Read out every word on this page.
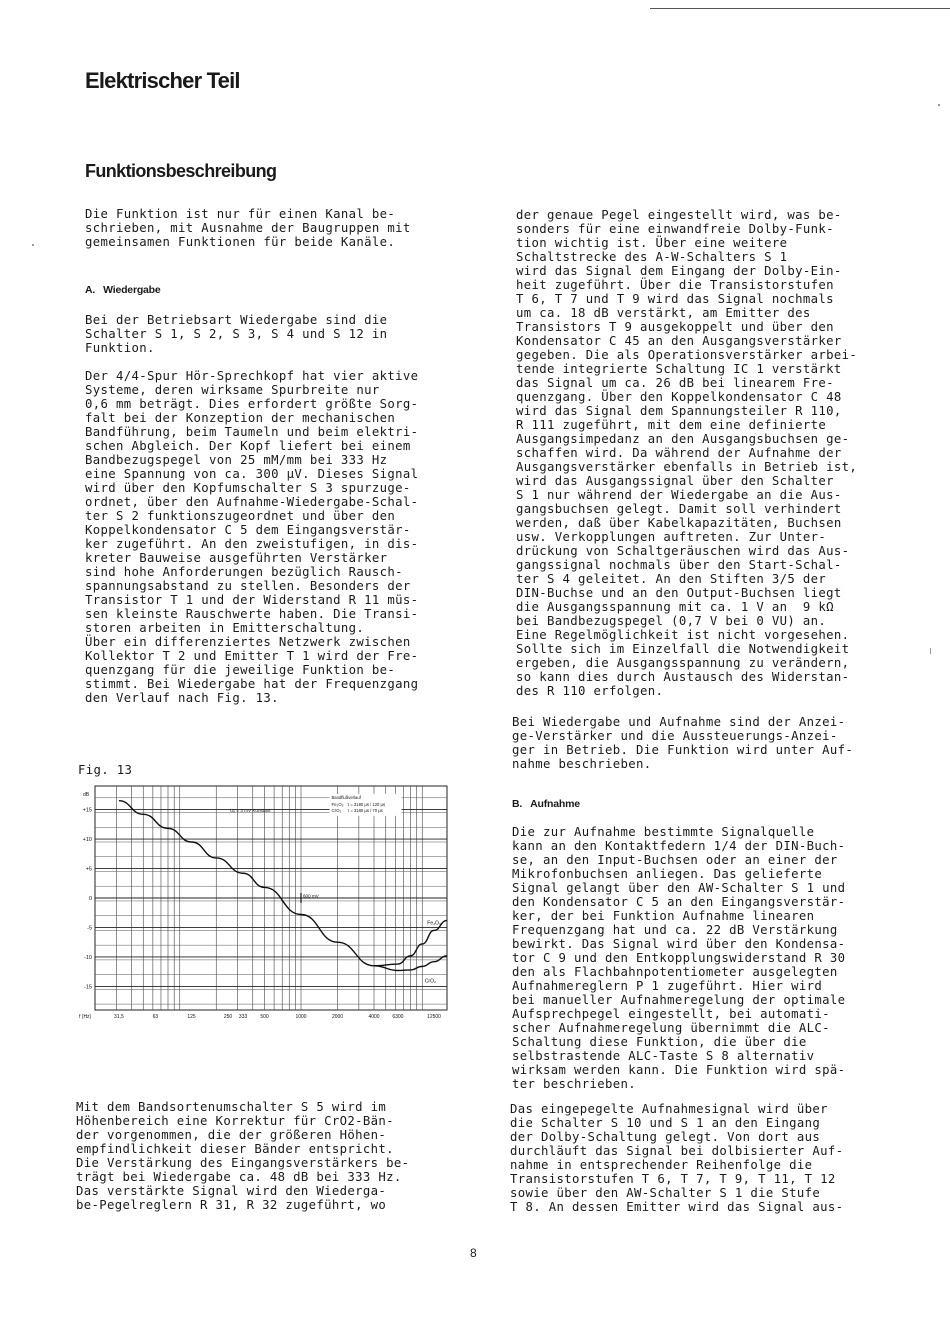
Elektrischer Teil
Funktionsbeschreibung

Die Funktion ist nur für einen Kanal be-

schrieben, mit Ausnahme der Baugruppen mit

gemeinsamen Funktionen für beide Kanäle.

A. Wiedergabe

Bei der Betriebsart Wiedergabe sind die

Schalter S 1, S 2, S 3, S 4 und S 12 in

Funktion.

Der 4/4-Spur Hör-Sprechkopf hat vier aktive

Systeme, deren wirksame Spurbreite nur

0,6 mm beträgt. Dies erfordert größte Sorg-

falt bei der Konzeption der mechanischen

Bandführung, beim Taumeln und beim elektri-

schen Abgleich. Der Kopf liefert bei einem

Bandbezugspegel von 25 mM/mm bei 333 Hz

eine Spannung von ca. 300 µV. Dieses Signal

wird über den Kopfumschalter S 3 spurzuge-

ordnet, über den Aufnahme-Wiedergabe-Schal-

ter S 2 funktionszugeordnet und über den

Koppelkondensator C 5 dem Eingangsverstär-

ker zugeführt. An den zweistufigen, in dis-

kreter Bauweise ausgeführten Verstärker

sind hohe Anforderungen bezüglich Rausch-

spannungsabstand zu stellen. Besonders der

Transistor T 1 und der Widerstand R 11 müs-

sen kleinste Rauschwerte haben. Die Transi-

storen arbeiten in Emitterschaltung.

Über ein differenziertes Netzwerk zwischen

Kollektor T 2 und Emitter T 1 wird der Fre-

quenzgang für die jeweilige Funktion be-

stimmt. Bei Wiedergabe hat der Frequenzgang

den Verlauf nach Fig. 13.

Fig. 13

dB
+15
+10
+5
0
-5
-10
-15
f (Hz)	31,5	63	125	250 333	500	1000	2000	4000	6300	12500
Uₑ = 3 mV Konstant
Bandflußverlauf
Fe₂O₃ τ = 3180 µs / 120 µs
CrO₂ τ = 3180 µs / 70 µs
600 mV
Fe₂O₃
CrO₂

Mit dem Bandsortenumschalter S 5 wird im

Höhenbereich eine Korrektur für CrO2-Bän-

der vorgenommen, die der größeren Höhen-

empfindlichkeit dieser Bänder entspricht.

Die Verstärkung des Eingangsverstärkers be-

trägt bei Wiedergabe ca. 48 dB bei 333 Hz.

Das verstärkte Signal wird den Wiederga-

be-Pegelreglern R 31, R 32 zugeführt, wo

der genaue Pegel eingestellt wird, was be-

sonders für eine einwandfreie Dolby-Funk-

tion wichtig ist. Über eine weitere

Schaltstrecke des A-W-Schalters S 1

wird das Signal dem Eingang der Dolby-Ein-

heit zugeführt. Über die Transistorstufen

T 6, T 7 und T 9 wird das Signal nochmals

um ca. 18 dB verstärkt, am Emitter des

Transistors T 9 ausgekoppelt und über den

Kondensator C 45 an den Ausgangsverstärker

gegeben. Die als Operationsverstärker arbei-

tende integrierte Schaltung IC 1 verstärkt

das Signal um ca. 26 dB bei linearem Fre-

quenzgang. Über den Koppelkondensator C 48

wird das Signal dem Spannungsteiler R 110,

R 111 zugeführt, mit dem eine definierte

Ausgangsimpedanz an den Ausgangsbuchsen ge-

schaffen wird. Da während der Aufnahme der

Ausgangsverstärker ebenfalls in Betrieb ist,

wird das Ausgangssignal über den Schalter

S 1 nur während der Wiedergabe an die Aus-

gangsbuchsen gelegt. Damit soll verhindert

werden, daß über Kabelkapazitäten, Buchsen

usw. Verkopplungen auftreten. Zur Unter-

drückung von Schaltgeräuschen wird das Aus-

gangssignal nochmals über den Start-Schal-

ter S 4 geleitet. An den Stiften 3/5 der

DIN-Buchse und an den Output-Buchsen liegt

die Ausgangsspannung mit ca. 1 V an  9 kΩ

bei Bandbezugspegel (0,7 V bei 0 VU) an.

Eine Regelmöglichkeit ist nicht vorgesehen.

Sollte sich im Einzelfall die Notwendigkeit

ergeben, die Ausgangsspannung zu verändern,

so kann dies durch Austausch des Widerstan-

des R 110 erfolgen.

Bei Wiedergabe und Aufnahme sind der Anzei-

ge-Verstärker und die Aussteuerungs-Anzei-

ger in Betrieb. Die Funktion wird unter Auf-

nahme beschrieben.

B. Aufnahme

Die zur Aufnahme bestimmte Signalquelle

kann an den Kontaktfedern 1/4 der DIN-Buch-

se, an den Input-Buchsen oder an einer der

Mikrofonbuchsen anliegen. Das gelieferte

Signal gelangt über den AW-Schalter S 1 und

den Kondensator C 5 an den Eingangsverstär-

ker, der bei Funktion Aufnahme linearen

Frequenzgang hat und ca. 22 dB Verstärkung

bewirkt. Das Signal wird über den Kondensa-

tor C 9 und den Entkopplungswiderstand R 30

den als Flachbahnpotentiometer ausgelegten

Aufnahmereglern P 1 zugeführt. Hier wird

bei manueller Aufnahmeregelung der optimale

Aufsprechpegel eingestellt, bei automati-

scher Aufnahmeregelung übernimmt die ALC-

Schaltung diese Funktion, die über die

selbstrastende ALC-Taste S 8 alternativ

wirksam werden kann. Die Funktion wird spä-

ter beschrieben.

Das eingepegelte Aufnahmesignal wird über

die Schalter S 10 und S 1 an den Eingang

der Dolby-Schaltung gelegt. Von dort aus

durchläuft das Signal bei dolbisierter Auf-

nahme in entsprechender Reihenfolge die

Transistorstufen T 6, T 7, T 9, T 11, T 12

sowie über den AW-Schalter S 1 die Stufe

T 8. An dessen Emitter wird das Signal aus-

8
